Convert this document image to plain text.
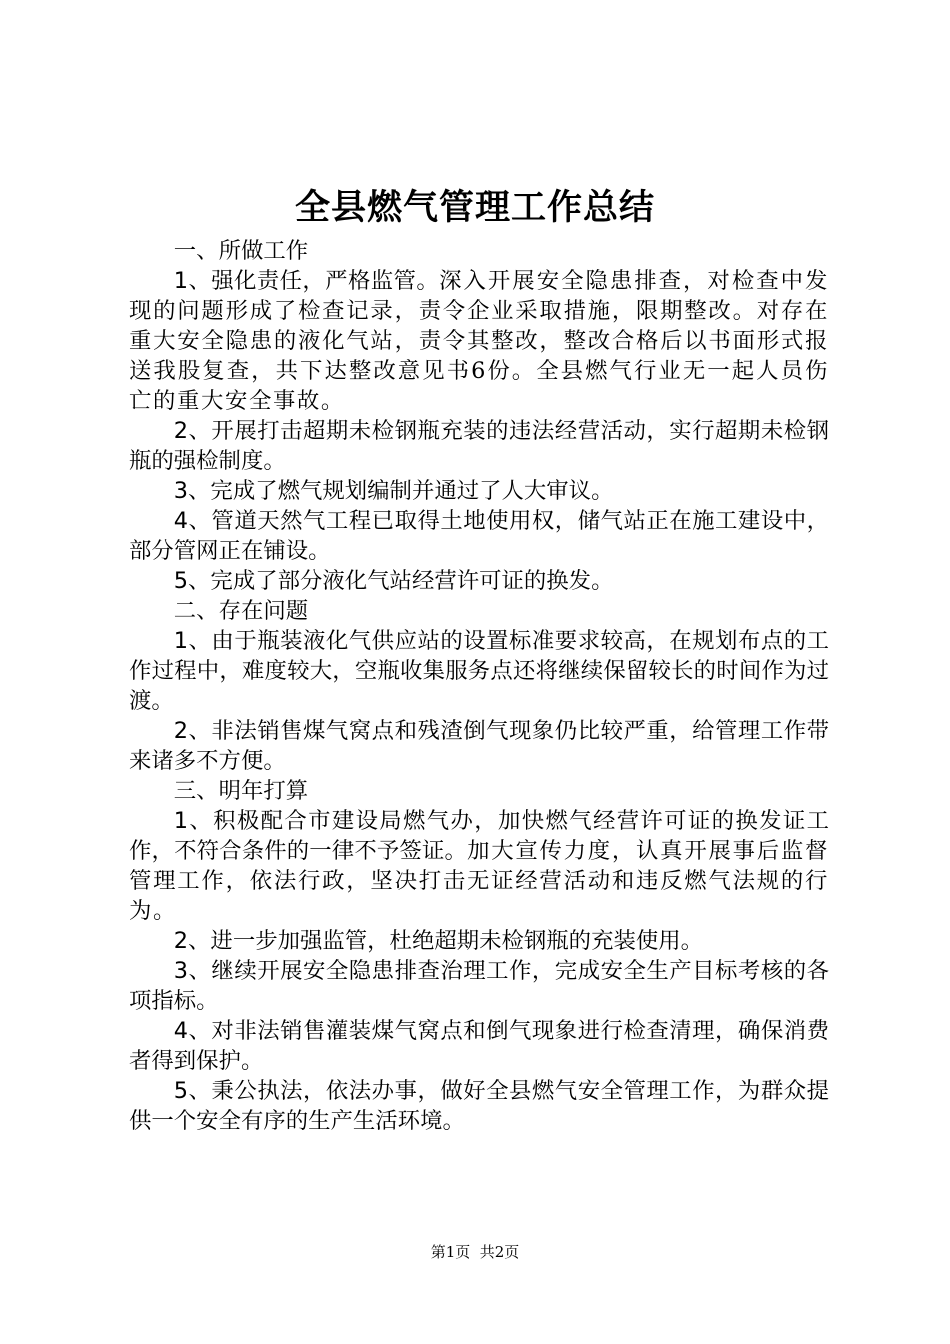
全县燃气管理工作总结

一、所做工作

1、强化责任，严格监管。深入开展安全隐患排查，对检查中发现的问题形成了检查记录，责令企业采取措施，限期整改。对存在重大安全隐患的液化气站，责令其整改，整改合格后以书面形式报送我股复查，共下达整改意见书6份。全县燃气行业无一起人员伤亡的重大安全事故。

2、开展打击超期未检钢瓶充装的违法经营活动，实行超期未检钢瓶的强检制度。

3、完成了燃气规划编制并通过了人大审议。

4、管道天然气工程已取得土地使用权，储气站正在施工建设中，部分管网正在铺设。

5、完成了部分液化气站经营许可证的换发。

二、存在问题

1、由于瓶装液化气供应站的设置标准要求较高，在规划布点的工作过程中，难度较大，空瓶收集服务点还将继续保留较长的时间作为过渡。

2、非法销售煤气窝点和残渣倒气现象仍比较严重，给管理工作带来诸多不方便。

三、明年打算

1、积极配合市建设局燃气办，加快燃气经营许可证的换发证工作，不符合条件的一律不予签证。加大宣传力度，认真开展事后监督管理工作，依法行政，坚决打击无证经营活动和违反燃气法规的行为。

2、进一步加强监管，杜绝超期未检钢瓶的充装使用。

3、继续开展安全隐患排查治理工作，完成安全生产目标考核的各项指标。

4、对非法销售灌装煤气窝点和倒气现象进行检查清理，确保消费者得到保护。

5、秉公执法，依法办事，做好全县燃气安全管理工作，为群众提供一个安全有序的生产生活环境。

第1页  共2页
